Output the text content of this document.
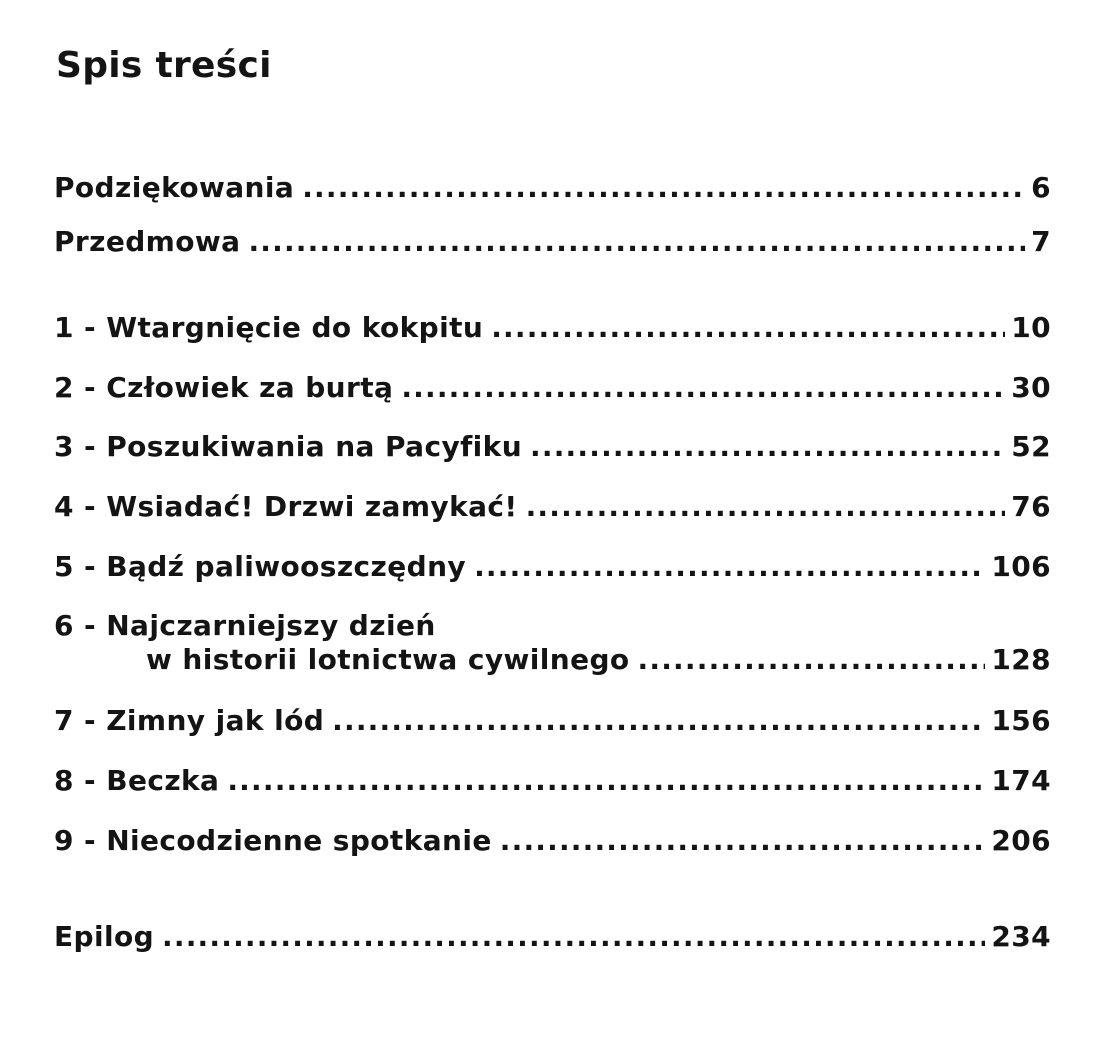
Spis treści
Podziękowania .....	6
Przedmowa .....	7
1 - Wtargnięcie do kokpitu .....	10
2 - Człowiek za burtą .....	30
3 - Poszukiwania na Pacyfiku .....	52
4 - Wsiadać! Drzwi zamykać! .....	76
5 - Bądź paliwooszczędny .....	106
6 - Najczarniejszy dzień
w historii lotnictwa cywilnego .....	128
7 - Zimny jak lód .....	156
8 - Beczka .....	174
9 - Niecodzienne spotkanie .....	206
Epilog .....	234
